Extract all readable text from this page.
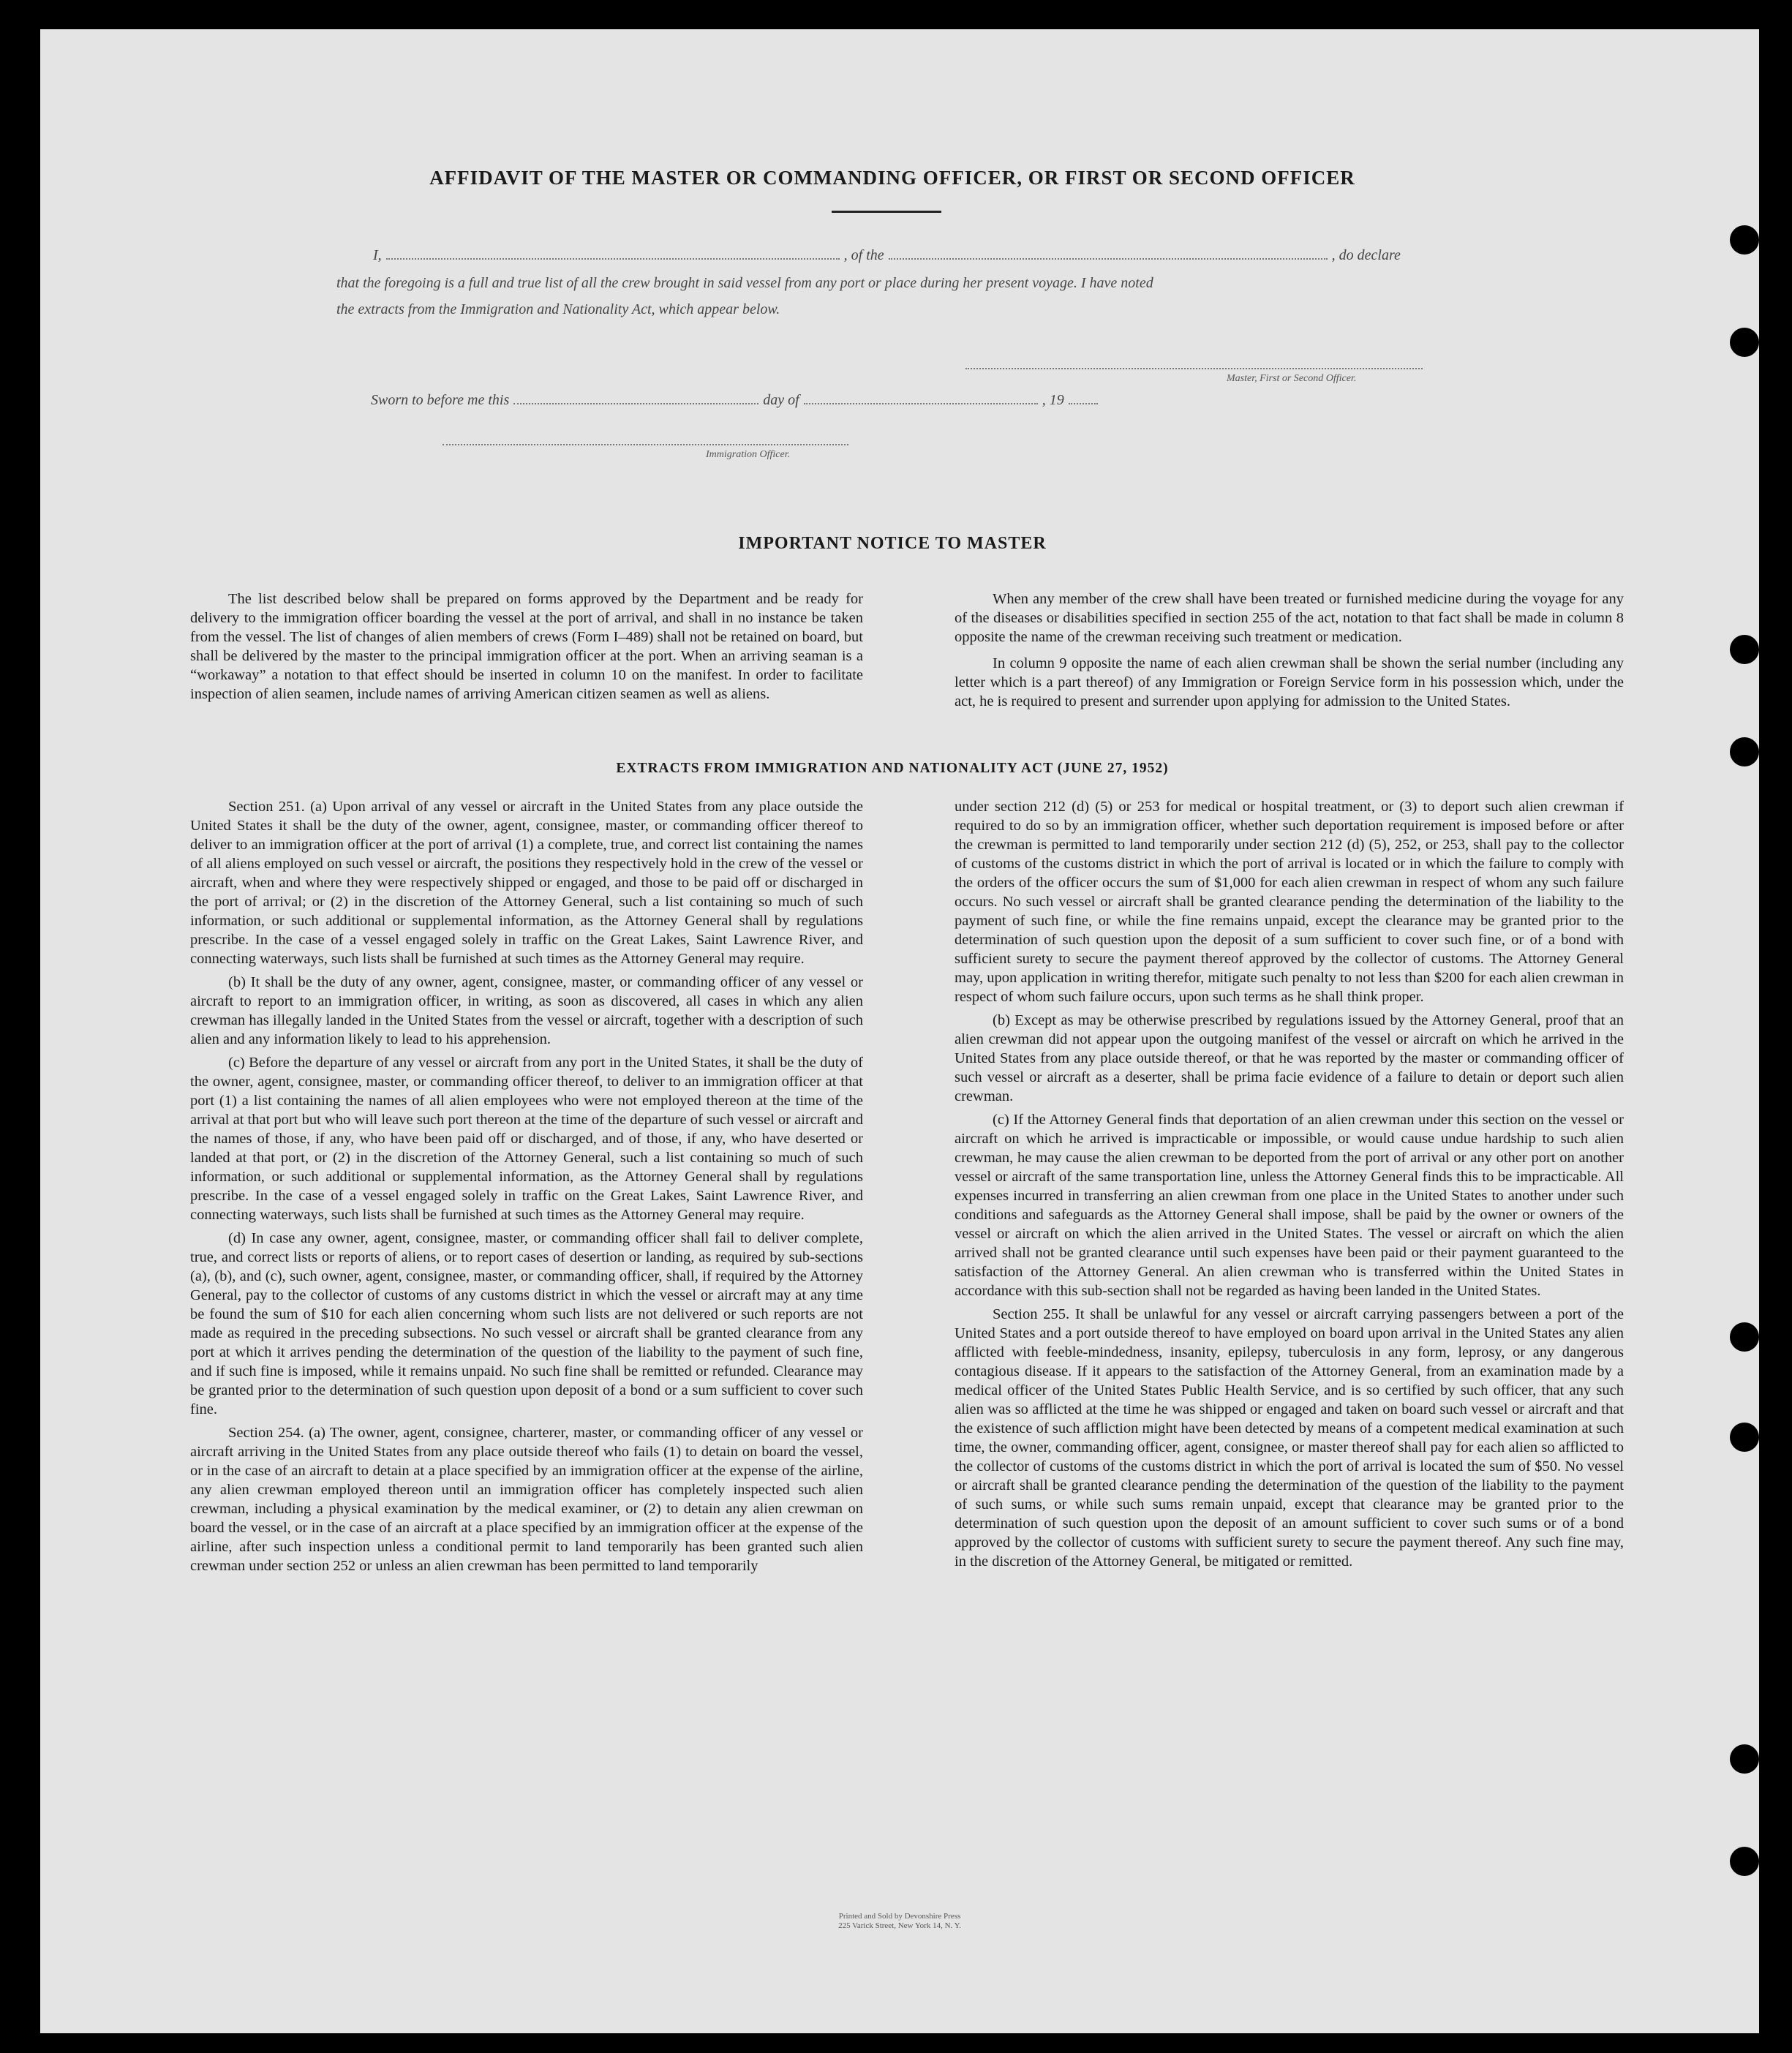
AFFIDAVIT OF THE MASTER OR COMMANDING OFFICER, OR FIRST OR SECOND OFFICER
I,	, of the	, do declare
that the foregoing is a full and true list of all the crew brought in said vessel from any port or place during her present voyage. I have noted
the extracts from the Immigration and Nationality Act, which appear below.
Master, First or Second Officer.
Sworn to before me this	day of	, 19
Immigration Officer.
IMPORTANT NOTICE TO MASTER

The list described below shall be prepared on forms approved by the Department and be ready for delivery to the immigration officer boarding the vessel at the port of arrival, and shall in no instance be taken from the vessel. The list of changes of alien members of crews (Form I–489) shall not be retained on board, but shall be delivered by the master to the principal immigration officer at the port. When an arriving seaman is a “workaway” a notation to that effect should be inserted in column 10 on the manifest. In order to facilitate inspection of alien seamen, include names of arriving American citizen seamen as well as aliens.

When any member of the crew shall have been treated or furnished medicine during the voyage for any of the diseases or disabilities specified in section 255 of the act, notation to that fact shall be made in column 8 opposite the name of the crewman receiving such treatment or medication.

In column 9 opposite the name of each alien crewman shall be shown the serial number (including any letter which is a part thereof) of any Immigration or Foreign Service form in his possession which, under the act, he is required to present and surrender upon applying for admission to the United States.

EXTRACTS FROM IMMIGRATION AND NATIONALITY ACT (JUNE 27, 1952)

Section 251. (a) Upon arrival of any vessel or aircraft in the United States from any place outside the United States it shall be the duty of the owner, agent, consignee, master, or commanding officer thereof to deliver to an immigration officer at the port of arrival (1) a complete, true, and correct list containing the names of all aliens employed on such vessel or aircraft, the positions they respectively hold in the crew of the vessel or aircraft, when and where they were respectively shipped or engaged, and those to be paid off or discharged in the port of arrival; or (2) in the discretion of the Attorney General, such a list containing so much of such information, or such additional or supplemental information, as the Attorney General shall by regulations prescribe. In the case of a vessel engaged solely in traffic on the Great Lakes, Saint Lawrence River, and connecting waterways, such lists shall be furnished at such times as the Attorney General may require.

(b) It shall be the duty of any owner, agent, consignee, master, or commanding officer of any vessel or aircraft to report to an immigration officer, in writing, as soon as discovered, all cases in which any alien crewman has illegally landed in the United States from the vessel or aircraft, together with a description of such alien and any information likely to lead to his apprehension.

(c) Before the departure of any vessel or aircraft from any port in the United States, it shall be the duty of the owner, agent, consignee, master, or commanding officer thereof, to deliver to an immigration officer at that port (1) a list containing the names of all alien employees who were not employed thereon at the time of the arrival at that port but who will leave such port thereon at the time of the departure of such vessel or aircraft and the names of those, if any, who have been paid off or discharged, and of those, if any, who have deserted or landed at that port, or (2) in the discretion of the Attorney General, such a list containing so much of such information, or such additional or supplemental information, as the Attorney General shall by regulations prescribe. In the case of a vessel engaged solely in traffic on the Great Lakes, Saint Lawrence River, and connecting waterways, such lists shall be furnished at such times as the Attorney General may require.

(d) In case any owner, agent, consignee, master, or commanding officer shall fail to deliver complete, true, and correct lists or reports of aliens, or to report cases of desertion or landing, as required by sub-sections (a), (b), and (c), such owner, agent, consignee, master, or commanding officer, shall, if required by the Attorney General, pay to the collector of customs of any customs district in which the vessel or aircraft may at any time be found the sum of $10 for each alien concerning whom such lists are not delivered or such reports are not made as required in the preceding subsections. No such vessel or aircraft shall be granted clearance from any port at which it arrives pending the determination of the question of the liability to the payment of such fine, and if such fine is imposed, while it remains unpaid. No such fine shall be remitted or refunded. Clearance may be granted prior to the determination of such question upon deposit of a bond or a sum sufficient to cover such fine.

Section 254. (a) The owner, agent, consignee, charterer, master, or commanding officer of any vessel or aircraft arriving in the United States from any place outside thereof who fails (1) to detain on board the vessel, or in the case of an aircraft to detain at a place specified by an immigration officer at the expense of the airline, any alien crewman employed thereon until an immigration officer has completely inspected such alien crewman, including a physical examination by the medical examiner, or (2) to detain any alien crewman on board the vessel, or in the case of an aircraft at a place specified by an immigration officer at the expense of the airline, after such inspection unless a conditional permit to land temporarily has been granted such alien crewman under section 252 or unless an alien crewman has been permitted to land temporarily

under section 212 (d) (5) or 253 for medical or hospital treatment, or (3) to deport such alien crewman if required to do so by an immigration officer, whether such deportation requirement is imposed before or after the crewman is permitted to land temporarily under section 212 (d) (5), 252, or 253, shall pay to the collector of customs of the customs district in which the port of arrival is located or in which the failure to comply with the orders of the officer occurs the sum of $1,000 for each alien crewman in respect of whom any such failure occurs. No such vessel or aircraft shall be granted clearance pending the determination of the liability to the payment of such fine, or while the fine remains unpaid, except the clearance may be granted prior to the determination of such question upon the deposit of a sum sufficient to cover such fine, or of a bond with sufficient surety to secure the payment thereof approved by the collector of customs. The Attorney General may, upon application in writing therefor, mitigate such penalty to not less than $200 for each alien crewman in respect of whom such failure occurs, upon such terms as he shall think proper.

(b) Except as may be otherwise prescribed by regulations issued by the Attorney General, proof that an alien crewman did not appear upon the outgoing manifest of the vessel or aircraft on which he arrived in the United States from any place outside thereof, or that he was reported by the master or commanding officer of such vessel or aircraft as a deserter, shall be prima facie evidence of a failure to detain or deport such alien crewman.

(c) If the Attorney General finds that deportation of an alien crewman under this section on the vessel or aircraft on which he arrived is impracticable or impossible, or would cause undue hardship to such alien crewman, he may cause the alien crewman to be deported from the port of arrival or any other port on another vessel or aircraft of the same transportation line, unless the Attorney General finds this to be impracticable. All expenses incurred in transferring an alien crewman from one place in the United States to another under such conditions and safeguards as the Attorney General shall impose, shall be paid by the owner or owners of the vessel or aircraft on which the alien arrived in the United States. The vessel or aircraft on which the alien arrived shall not be granted clearance until such expenses have been paid or their payment guaranteed to the satisfaction of the Attorney General. An alien crewman who is transferred within the United States in accordance with this sub-section shall not be regarded as having been landed in the United States.

Section 255. It shall be unlawful for any vessel or aircraft carrying passengers between a port of the United States and a port outside thereof to have employed on board upon arrival in the United States any alien afflicted with feeble-mindedness, insanity, epilepsy, tuberculosis in any form, leprosy, or any dangerous contagious disease. If it appears to the satisfaction of the Attorney General, from an examination made by a medical officer of the United States Public Health Service, and is so certified by such officer, that any such alien was so afflicted at the time he was shipped or engaged and taken on board such vessel or aircraft and that the existence of such affliction might have been detected by means of a competent medical examination at such time, the owner, commanding officer, agent, consignee, or master thereof shall pay for each alien so afflicted to the collector of customs of the customs district in which the port of arrival is located the sum of $50. No vessel or aircraft shall be granted clearance pending the determination of the question of the liability to the payment of such sums, or while such sums remain unpaid, except that clearance may be granted prior to the determination of such question upon the deposit of an amount sufficient to cover such sums or of a bond approved by the collector of customs with sufficient surety to secure the payment thereof. Any such fine may, in the discretion of the Attorney General, be mitigated or remitted.

Printed and Sold by Devonshire Press
225 Varick Street, New York 14, N. Y.
